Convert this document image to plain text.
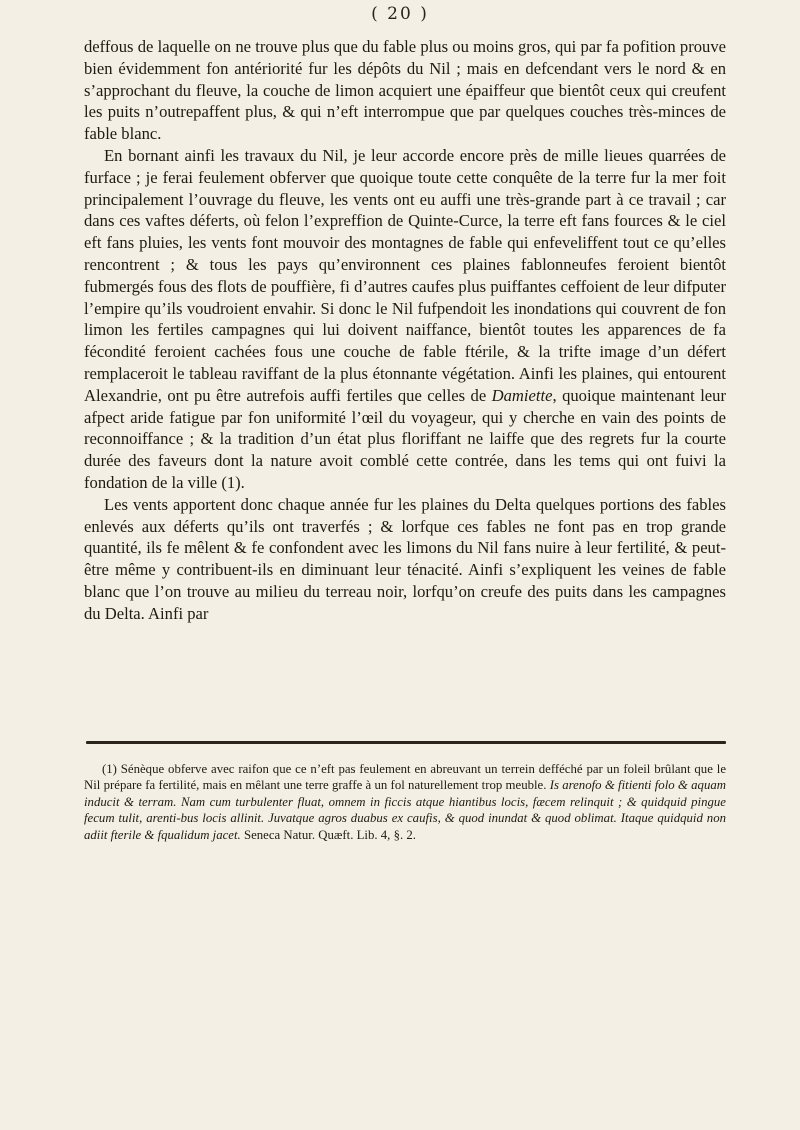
( 20 )

deffous de laquelle on ne trouve plus que du fable plus ou moins gros, qui par fa pofition prouve bien évidemment fon antériorité fur les dépôts du Nil ; mais en defcendant vers le nord & en s’approchant du fleuve, la couche de limon acquiert une épaiffeur que bientôt ceux qui creufent les puits n’outrepaffent plus, & qui n’eft interrompue que par quelques couches très-minces de fable blanc.

En bornant ainfi les travaux du Nil, je leur accorde encore près de mille lieues quarrées de furface ; je ferai feulement obferver que quoique toute cette conquête de la terre fur la mer foit principalement l’ouvrage du fleuve, les vents ont eu auffi une très-grande part à ce travail ; car dans ces vaftes déferts, où felon l’expreffion de Quinte-Curce, la terre eft fans fources & le ciel eft fans pluies, les vents font mouvoir des montagnes de fable qui enfeveliffent tout ce qu’elles rencontrent ; & tous les pays qu’environnent ces plaines fablonneufes feroient bientôt fubmergés fous des flots de pouffière, fi d’autres caufes plus puiffantes ceffoient de leur difputer l’empire qu’ils voudroient envahir. Si donc le Nil fufpendoit les inondations qui couvrent de fon limon les fertiles campagnes qui lui doivent naiffance, bientôt toutes les apparences de fa fécondité feroient cachées fous une couche de fable ftérile, & la trifte image d’un défert remplaceroit le tableau raviffant de la plus étonnante végétation. Ainfi les plaines, qui entourent Alexandrie, ont pu être autrefois auffi fertiles que celles de Damiette, quoique maintenant leur afpect aride fatigue par fon uniformité l’œil du voyageur, qui y cherche en vain des points de reconnoiffance ; & la tradition d’un état plus floriffant ne laiffe que des regrets fur la courte durée des faveurs dont la nature avoit comblé cette contrée, dans les tems qui ont fuivi la fondation de la ville (1).

Les vents apportent donc chaque année fur les plaines du Delta quelques portions des fables enlevés aux déferts qu’ils ont traverfés ; & lorfque ces fables ne font pas en trop grande quantité, ils fe mêlent & fe confondent avec les limons du Nil fans nuire à leur fertilité, & peut-être même y contribuent-ils en diminuant leur ténacité. Ainfi s’expliquent les veines de fable blanc que l’on trouve au milieu du terreau noir, lorfqu’on creufe des puits dans les campagnes du Delta. Ainfi par

(1) Sénèque obferve avec raifon que ce n’eft pas feulement en abreuvant un terrein defféché par un foleil brûlant que le Nil prépare fa fertilité, mais en mêlant une terre graffe à un fol naturellement trop meuble. Is arenofo & fitienti folo & aquam inducit & terram. Nam cum turbulenter fluat, omnem in ficcis atque hiantibus locis, fæcem relinquit ; & quidquid pingue fecum tulit, arenti-bus locis allinit. Juvatque agros duabus ex caufis, & quod inundat & quod oblimat. Itaque quidquid non adiit fterile & fqualidum jacet. Seneca Natur. Quæft. Lib. 4, §. 2.
